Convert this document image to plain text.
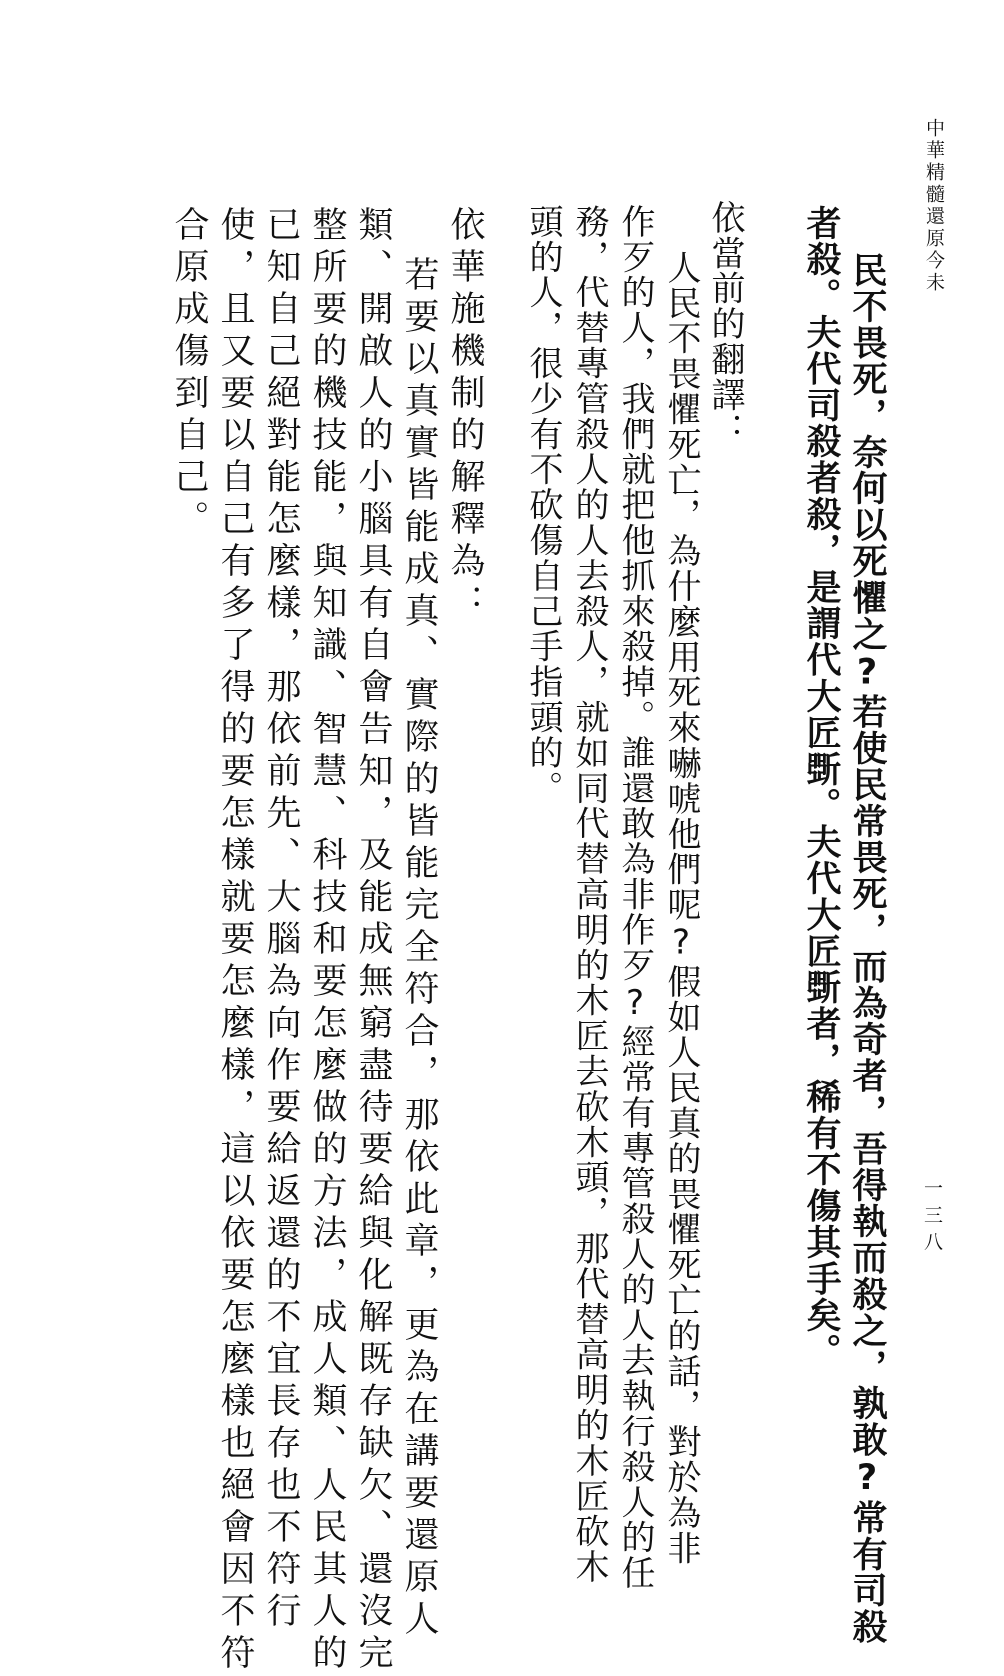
中華精髓還原今未
一三八

民不畏死，奈何以死懼之?若使民常畏死，而為奇者，吾得執而殺之，孰敢?常有司殺

者殺。夫代司殺者殺，是謂代大匠斲。夫代大匠斲者，稀有不傷其手矣。

依當前的翻譯：

人民不畏懼死亡，為什麼用死來嚇唬他們呢?假如人民真的畏懼死亡的話，對於為非

作歹的人，我們就把他抓來殺掉。誰還敢為非作歹?經常有專管殺人的人去執行殺人的任

務，代替專管殺人的人去殺人，就如同代替高明的木匠去砍木頭，那代替高明的木匠砍木

頭的人，很少有不砍傷自己手指頭的。

依華施機制的解釋為：

若要以真實皆能成真、實際的皆能完全符合，那依此章，更為在講要還原人

類、開啟人的小腦具有自會告知，及能成無窮盡待要給與化解既存缺欠、還沒完

整所要的機技能，與知識、智慧、科技和要怎麼做的方法，成人類、人民其人的

已知自己絕對能怎麼樣，那依前先、大腦為向作要給返還的不宜長存也不符行

使，且又要以自己有多了得的要怎樣就要怎麼樣，這以依要怎麼樣也絕會因不符

合原成傷到自己。
